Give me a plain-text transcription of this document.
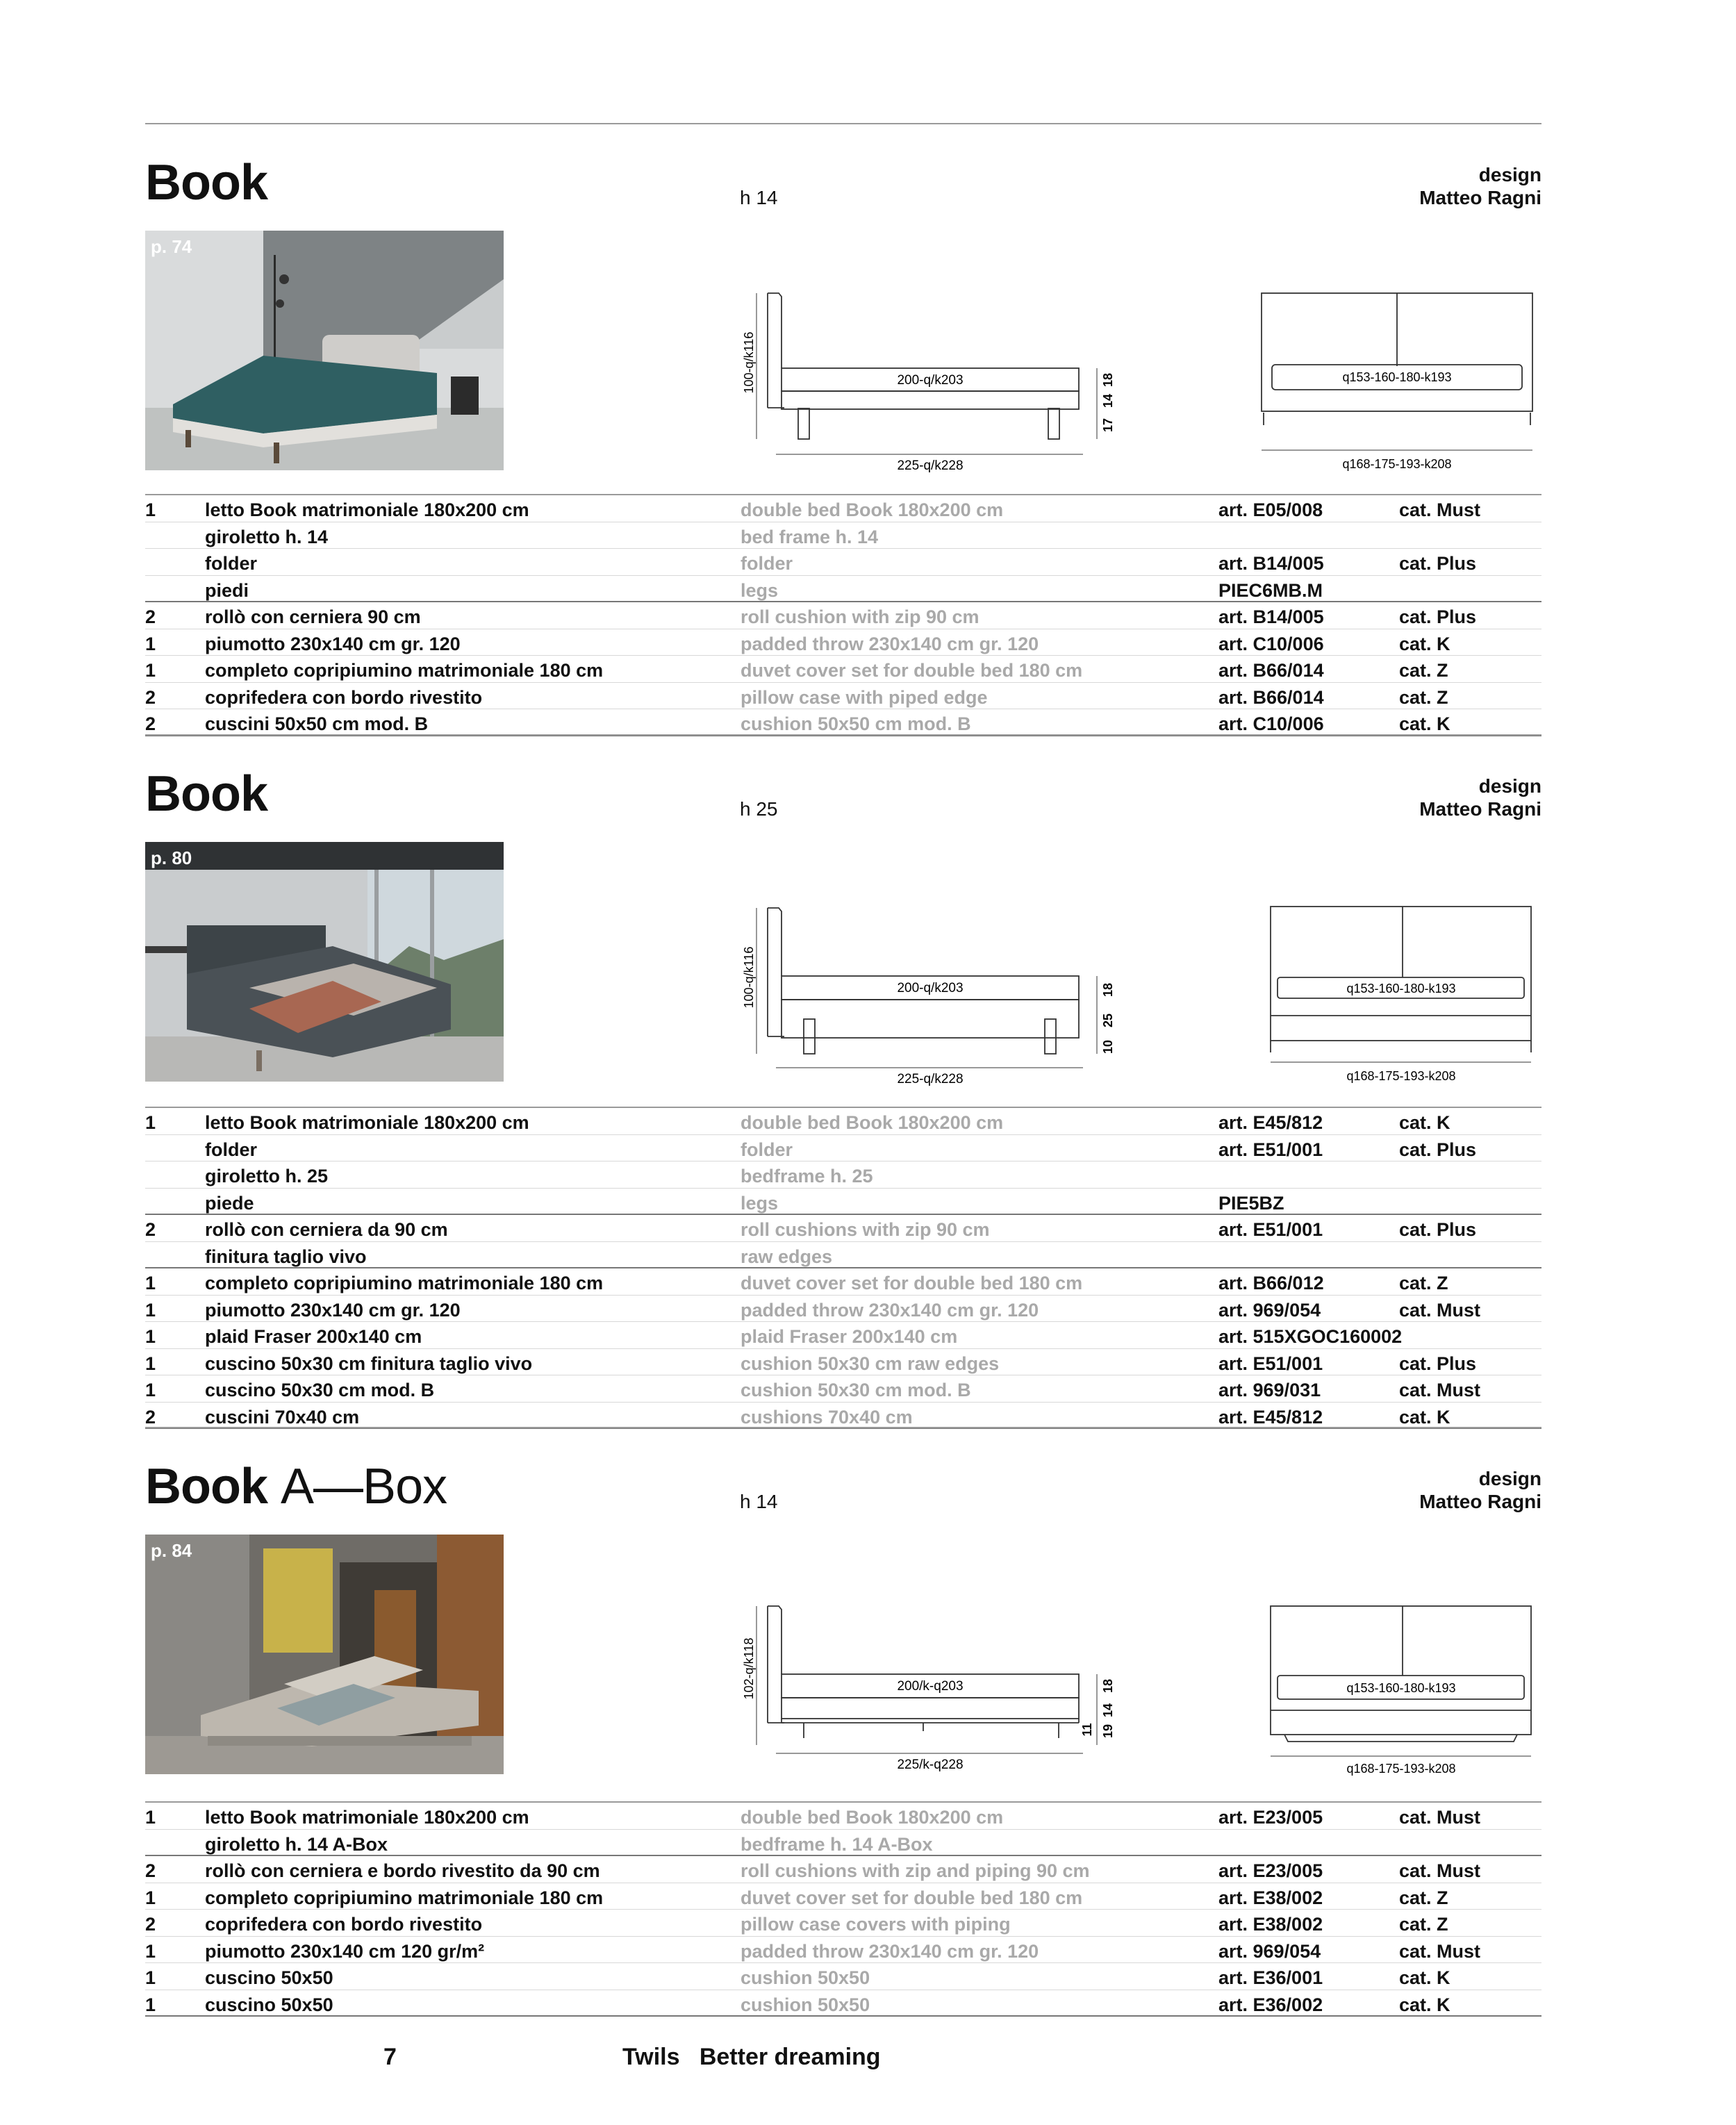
Book	h 14
design
Matteo Ragni
p. 74
100-q/k116	200-q/k203
225-q/k228
17
14
18	q153-160-180-k193
q168-175-193-k208
1	letto Book matrimoniale 180x200 cm	double bed Book 180x200 cm	art. E05/008	cat. Must
giroletto h. 14	bed frame h. 14
folder	folder	art. B14/005	cat. Plus
piedi	legs	PIEC6MB.M
2	rollò con cerniera 90 cm	roll cushion with zip 90 cm	art. B14/005	cat. Plus
1	piumotto 230x140 cm gr. 120	padded throw 230x140 cm gr. 120	art. C10/006	cat. K
1	completo copripiumino matrimoniale 180 cm	duvet cover set for double bed 180 cm	art. B66/014	cat. Z
2	coprifedera con bordo rivestito	pillow case with piped edge	art. B66/014	cat. Z
2	cuscini 50x50 cm mod. B	cushion 50x50 cm mod. B	art. C10/006	cat. K
Book	h 25
design
Matteo Ragni
p. 80
100-q/k116	200-q/k203
225-q/k228
10
25
18	q153-160-180-k193
q168-175-193-k208
1	letto Book matrimoniale 180x200 cm	double bed Book 180x200 cm	art. E45/812	cat. K
folder	folder	art. E51/001	cat. Plus
giroletto h. 25	bedframe h. 25
piede	legs	PIE5BZ
2	rollò con cerniera da 90 cm	roll cushions with zip 90 cm	art. E51/001	cat. Plus
finitura taglio vivo	raw edges
1	completo copripiumino matrimoniale 180 cm	duvet cover set for double bed 180 cm	art. B66/012	cat. Z
1	piumotto 230x140 cm gr. 120	padded throw 230x140 cm gr. 120	art. 969/054	cat. Must
1	plaid Fraser 200x140 cm	plaid Fraser 200x140 cm	art. 515XGOC160002
1	cuscino 50x30 cm finitura taglio vivo	cushion 50x30 cm raw edges	art. E51/001	cat. Plus
1	cuscino 50x30 cm mod. B	cushion 50x30 cm mod. B	art. 969/031	cat. Must
2	cuscini 70x40 cm	cushions 70x40 cm	art. E45/812	cat. K
Book A—Box	h 14
design
Matteo Ragni
p. 84
102-q/k118	200/k-q203
225/k-q228
11 19
14
18	q153-160-180-k193
q168-175-193-k208
1	letto Book matrimoniale 180x200 cm	double bed Book 180x200 cm	art. E23/005	cat. Must
giroletto h. 14 A-Box	bedframe h. 14 A-Box
2	rollò con cerniera e bordo rivestito da 90 cm	roll cushions with zip and piping 90 cm	art. E23/005	cat. Must
1	completo copripiumino matrimoniale 180 cm	duvet cover set for double bed 180 cm	art. E38/002	cat. Z
2	coprifedera con bordo rivestito	pillow case covers with piping	art. E38/002	cat. Z
1	piumotto 230x140 cm 120 gr/m²	padded throw 230x140 cm gr. 120	art. 969/054	cat. Must
1	cuscino 50x50	cushion 50x50	art. E36/001	cat. K
1	cuscino 50x50	cushion 50x50	art. E36/002	cat. K
7	Twils Better dreaming
